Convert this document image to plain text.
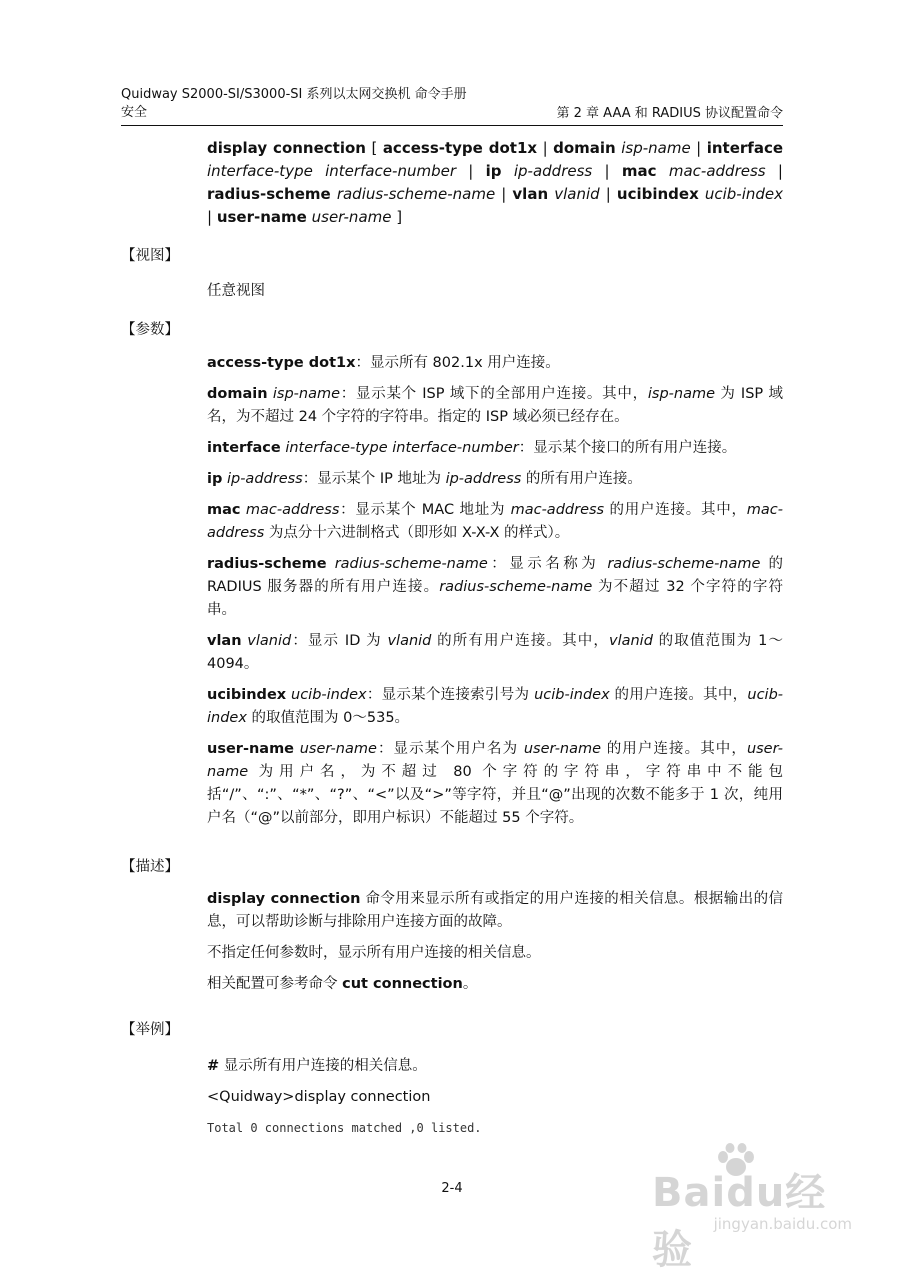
Quidway S2000-SI/S3000-SI 系列以太网交换机 命令手册
安全	第 2 章 AAA 和 RADIUS 协议配置命令
display connection [ access-type dot1x | domain isp-name | interface interface-type interface-number | ip ip-address | mac mac-address | radius-scheme radius-scheme-name | vlan vlanid | ucibindex ucib-index | user-name user-name ]
【视图】
任意视图
【参数】

access-type dot1x：显示所有 802.1x 用户连接。

domain isp-name：显示某个 ISP 域下的全部用户连接。其中，isp-name 为 ISP 域名，为不超过 24 个字符的字符串。指定的 ISP 域必须已经存在。

interface interface-type interface-number：显示某个接口的所有用户连接。

ip ip-address：显示某个 IP 地址为 ip-address 的所有用户连接。

mac mac-address：显示某个 MAC 地址为 mac-address 的用户连接。其中，mac-address 为点分十六进制格式（即形如 X-X-X 的样式）。

radius-scheme radius-scheme-name：显示名称为 radius-scheme-name 的 RADIUS 服务器的所有用户连接。radius-scheme-name 为不超过 32 个字符的字符串。

vlan vlanid：显示 ID 为 vlanid 的所有用户连接。其中，vlanid 的取值范围为 1～4094。

ucibindex ucib-index：显示某个连接索引号为 ucib-index 的用户连接。其中，ucib-index 的取值范围为 0～535。

user-name user-name：显示某个用户名为 user-name 的用户连接。其中，user-name 为用户名，为不超过 80 个字符的字符串，字符串中不能包括“/”、“:”、“*”、“?”、“<”以及“>”等字符，并且“@”出现的次数不能多于 1 次，纯用户名（“@”以前部分，即用户标识）不能超过 55 个字符。

【描述】

display connection 命令用来显示所有或指定的用户连接的相关信息。根据输出的信息，可以帮助诊断与排除用户连接方面的故障。

不指定任何参数时，显示所有用户连接的相关信息。

相关配置可参考命令 cut connection。

【举例】

# 显示所有用户连接的相关信息。

<Quidway>display connection

Total 0 connections matched ,0 listed.

2-4	Baidu经验
jingyan.baidu.com
